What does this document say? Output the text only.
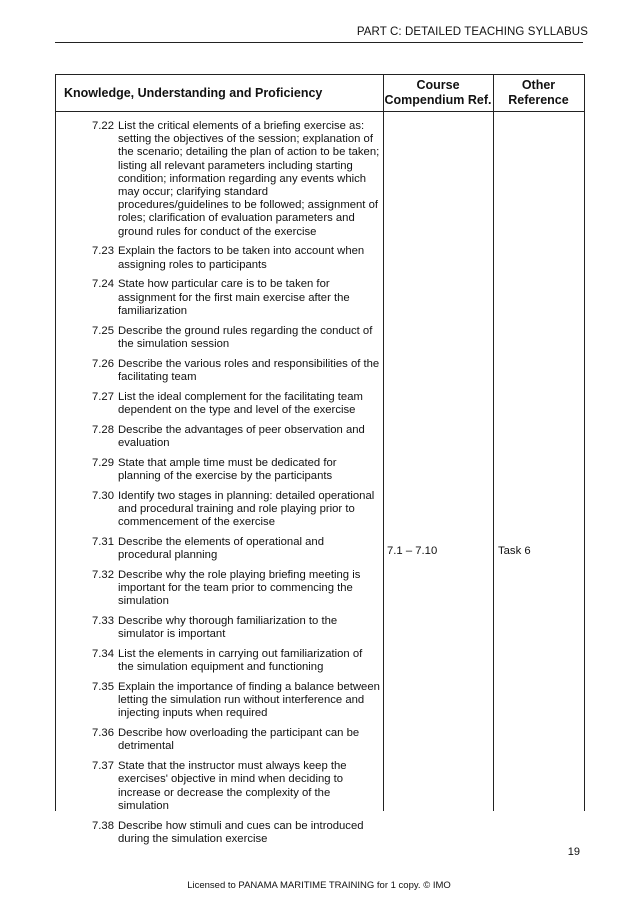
PART C: DETAILED TEACHING SYLLABUS
Knowledge, Understanding and Proficiency
Course Compendium Ref.
Other Reference
7.22 List the critical elements of a briefing exercise as: setting the objectives of the session; explanation of the scenario; detailing the plan of action to be taken; listing all relevant parameters including starting condition; information regarding any events which may occur; clarifying standard procedures/guidelines to be followed; assignment of roles; clarification of evaluation parameters and ground rules for conduct of the exercise
7.23 Explain the factors to be taken into account when assigning roles to participants
7.24 State how particular care is to be taken for assignment for the first main exercise after the familiarization
7.25 Describe the ground rules regarding the conduct of the simulation session
7.26 Describe the various roles and responsibilities of the facilitating team
7.27 List the ideal complement for the facilitating team dependent on the type and level of the exercise
7.28 Describe the advantages of peer observation and evaluation
7.29 State that ample time must be dedicated for planning of the exercise by the participants
7.30 Identify two stages in planning: detailed operational and procedural training and role playing prior to commencement of the exercise
7.31 Describe the elements of operational and procedural planning
7.32 Describe why the role playing briefing meeting is important for the team prior to commencing the simulation
7.33 Describe why thorough familiarization to the simulator is important
7.34 List the elements in carrying out familiarization of the simulation equipment and functioning
7.35 Explain the importance of finding a balance between letting the simulation run without interference and injecting inputs when required
7.36 Describe how overloading the participant can be detrimental
7.37 State that the instructor must always keep the exercises' objective in mind when deciding to increase or decrease the complexity of the simulation
7.38 Describe how stimuli and cues can be introduced during the simulation exercise
7.1 – 7.10	Task 6
19
Licensed to PANAMA MARITIME TRAINING for 1 copy. © IMO
